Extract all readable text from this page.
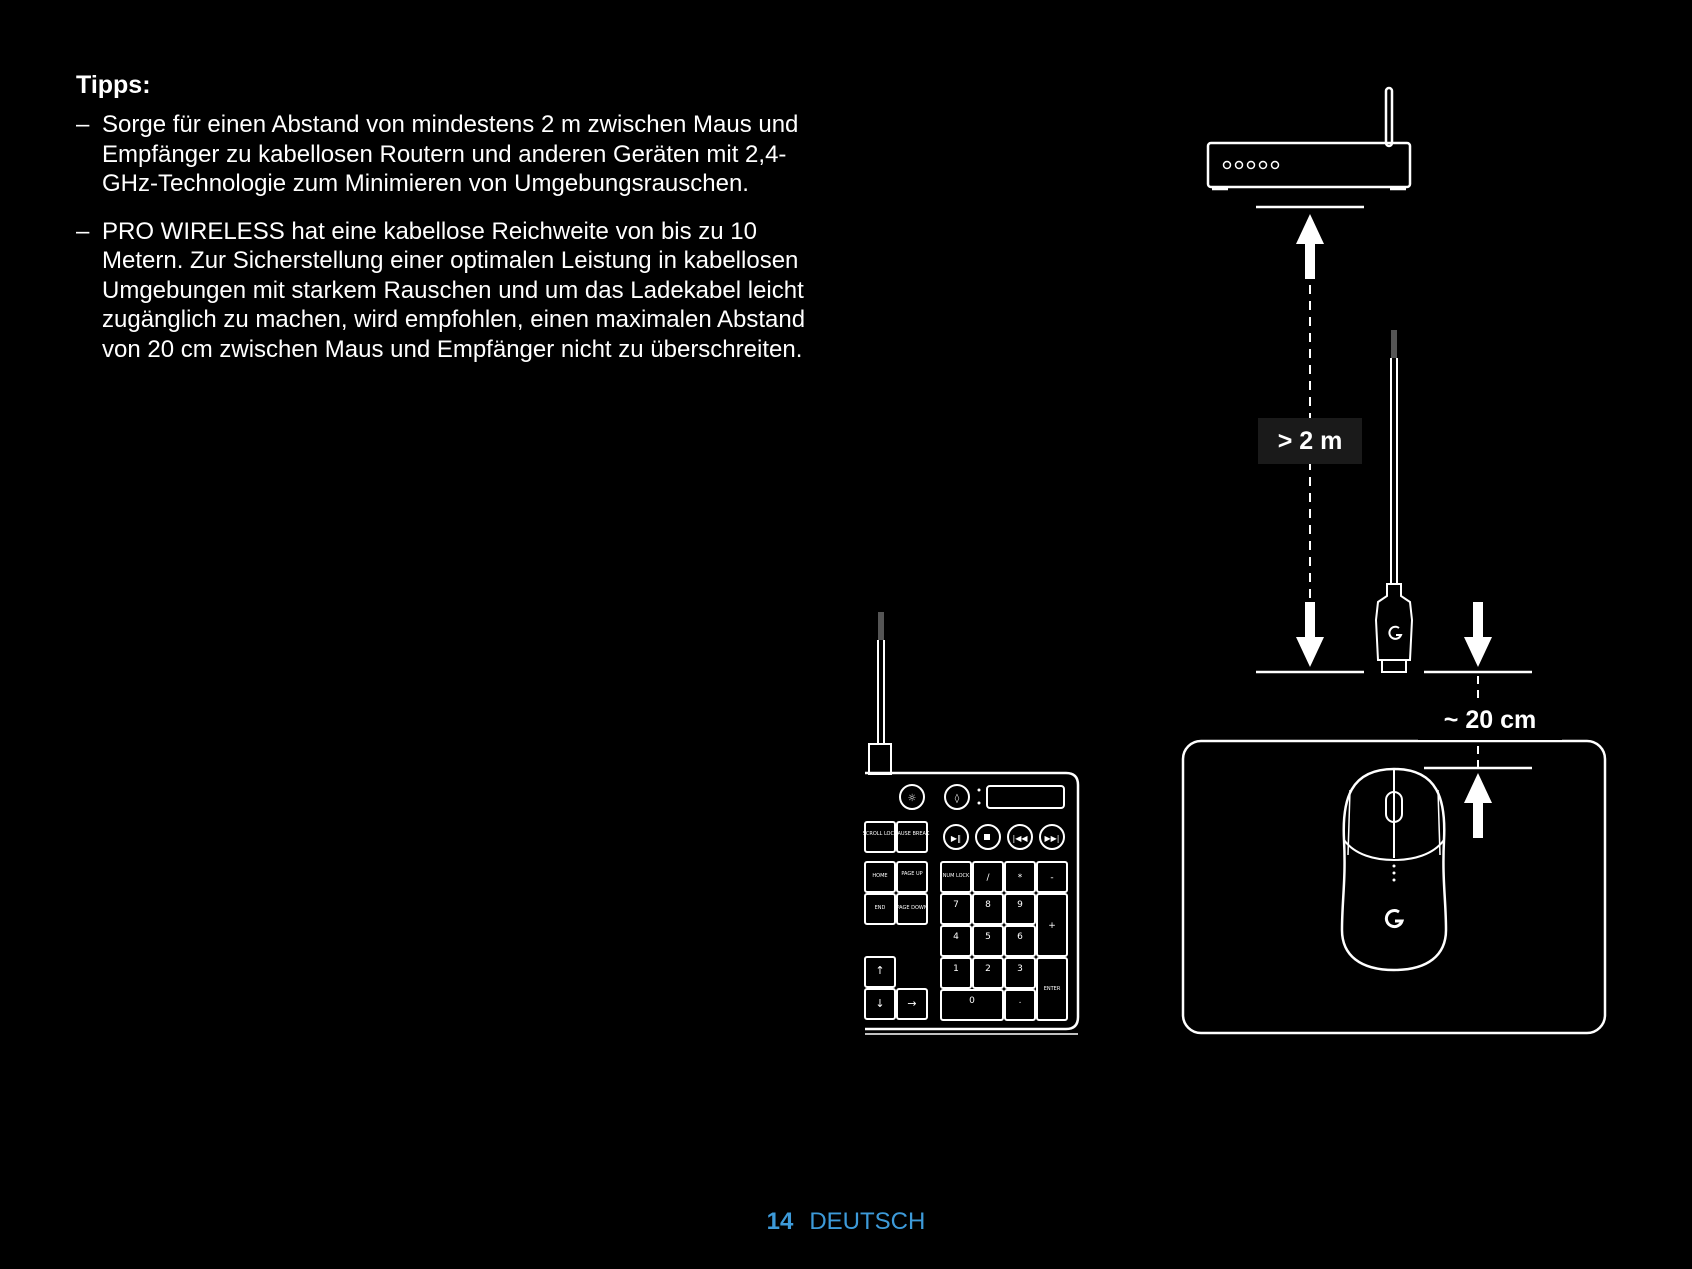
Tipps:
– Sorge für einen Abstand von mindestens 2 m zwischen Maus und Empfänger zu kabellosen Routern und anderen Geräten mit 2,4-GHz-Technologie zum Minimieren von Umgebungsrauschen.
– PRO WIRELESS hat eine kabellose Reichweite von bis zu 10 Metern. Zur Sicherstellung einer optimalen Leistung in kabellosen Umgebungen mit starkem Rauschen und um das Ladekabel leicht zugänglich zu machen, wird empfohlen, einen maximalen Abstand von 20 cm zwischen Maus und Empfänger nicht zu überschreiten.
SCROLL LOCK
PAUSE BREAK
HOME	PAGE UP
END PAGE DOWN
NUM LOCK /	*	-
+
ENTER
7	8	9
4	5	6
1	2	3
0	.
↑
↓ →
☼	◊
▶‖	|◀◀ ▶▶|
> 2 m
~ 20 cm
14 DEUTSCH
